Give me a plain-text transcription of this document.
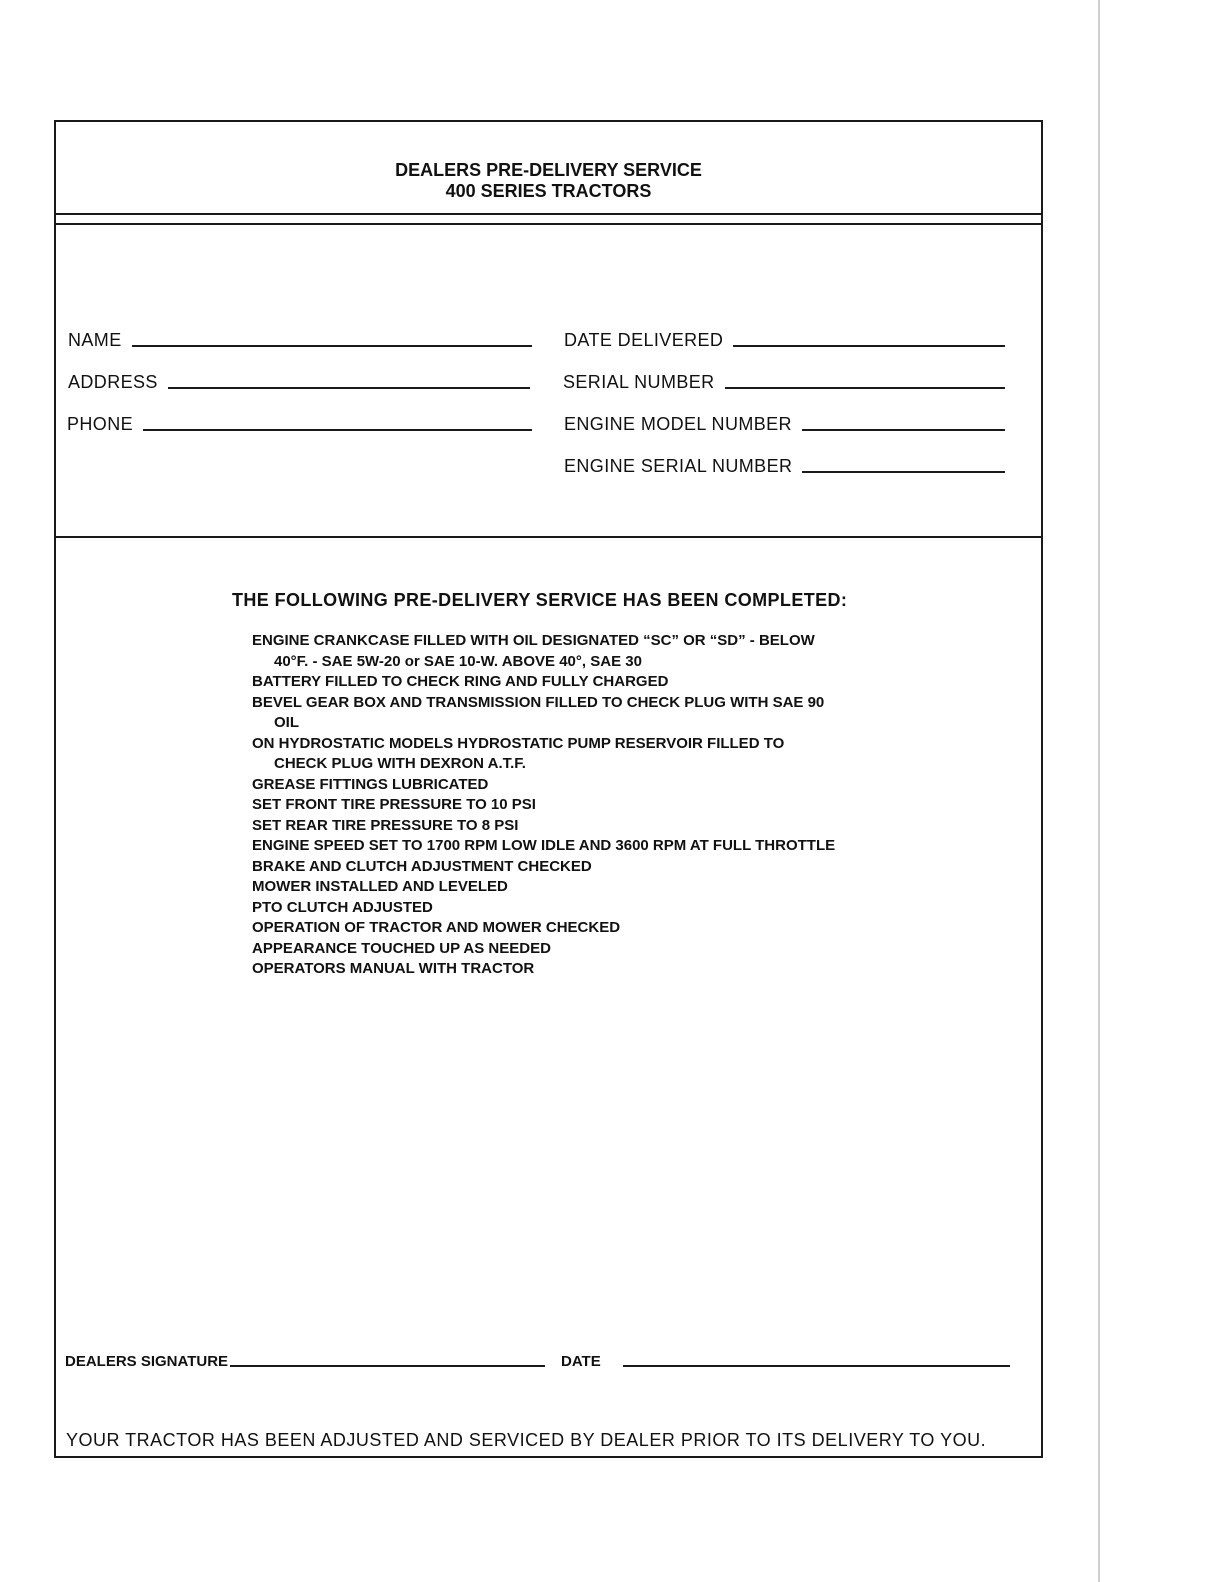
DEALERS PRE-DELIVERY SERVICE
400 SERIES TRACTORS
NAME
ADDRESS
PHONE
DATE DELIVERED
SERIAL NUMBER
ENGINE MODEL NUMBER
ENGINE SERIAL NUMBER
THE FOLLOWING PRE-DELIVERY SERVICE HAS BEEN COMPLETED:
ENGINE CRANKCASE FILLED WITH OIL DESIGNATED “SC” OR “SD” - BELOW
40°F. - SAE 5W-20 or SAE 10-W. ABOVE 40°, SAE 30
BATTERY FILLED TO CHECK RING AND FULLY CHARGED
BEVEL GEAR BOX AND TRANSMISSION FILLED TO CHECK PLUG WITH SAE 90
OIL
ON HYDROSTATIC MODELS HYDROSTATIC PUMP RESERVOIR FILLED TO
CHECK PLUG WITH DEXRON A.T.F.
GREASE FITTINGS LUBRICATED
SET FRONT TIRE PRESSURE TO 10 PSI
SET REAR TIRE PRESSURE TO 8 PSI
ENGINE SPEED SET TO 1700 RPM LOW IDLE AND 3600 RPM AT FULL THROTTLE
BRAKE AND CLUTCH ADJUSTMENT CHECKED
MOWER INSTALLED AND LEVELED
PTO CLUTCH ADJUSTED
OPERATION OF TRACTOR AND MOWER CHECKED
APPEARANCE TOUCHED UP AS NEEDED
OPERATORS MANUAL WITH TRACTOR
DEALERS SIGNATURE	DATE
YOUR TRACTOR HAS BEEN ADJUSTED AND SERVICED BY DEALER PRIOR TO ITS DELIVERY TO YOU.
